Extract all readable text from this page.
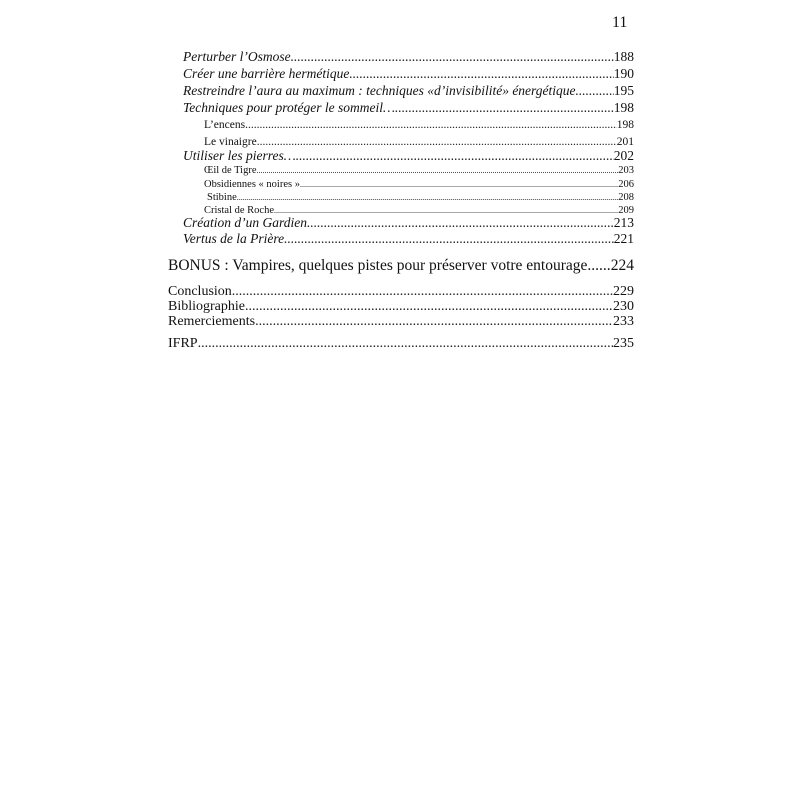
11
Perturber l’Osmose .....	188
Créer une barrière hermétique .....	190
Restreindre l’aura au maximum : techniques «d’invisibilité» énergétique .....	195
Techniques pour protéger le sommeil… .....	198
L’encens .....	198
Le vinaigre .....	201
Utiliser les pierres… .....	202
Œil de Tigre .....	203
Obsidiennes « noires » .....	206
Stibine .....	208
Cristal de Roche .....	209
Création d’un Gardien. .....	213
Vertus de la Prière. .....	221
BONUS : Vampires, quelques pistes pour préserver votre entourage ..... 224
Conclusion .....	229
Bibliographie .....	230
Remerciements .....	233
IFRP .....	235
